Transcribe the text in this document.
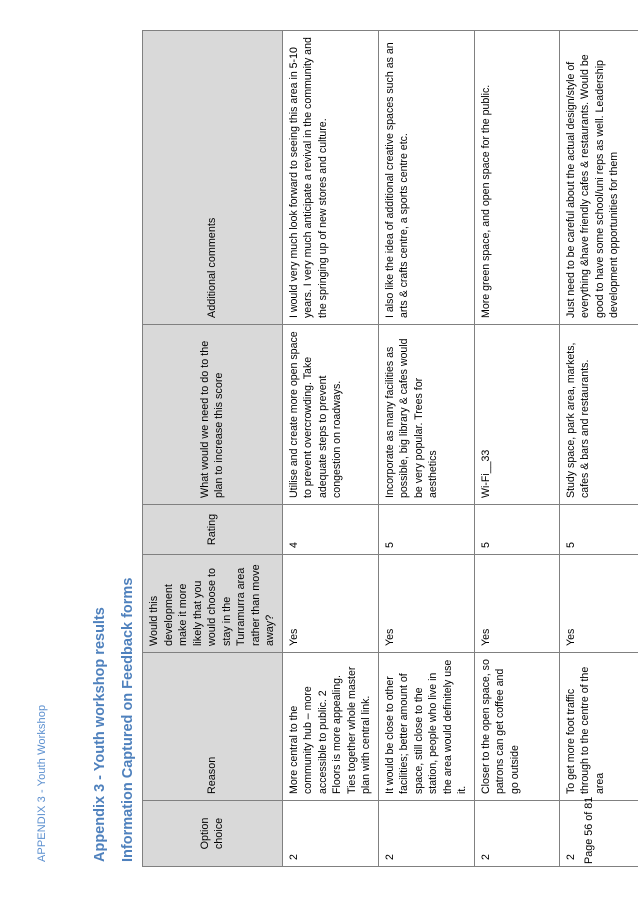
APPENDIX 3 - Youth Workshop	Appendix 3 - Youth workshop results Information Captured on Feedback forms	Option choice	Reason	Would this development make it more likely that you would choose to stay in the Turramurra area rather than move away?	Rating	What would we need to do to the plan to increase this score	Additional comments
2	More central to the community hub – more accessible to public. 2 Floors is more appealing. Ties together whole master plan with central link.	Yes	4	Utilise and create more open space to prevent overcrowding. Take adequate steps to prevent congestion on roadways.	I would very much look forward to seeing this area in 5-10 years. I very much anticipate a revival in the community and the springing up of new stores and culture.
2	It would be close to other facilities; better amount of space, still close to the station, people who live in the area would definitely use it.	Yes	5	Incorporate as many facilities as possible, big library & cafes would be very popular. Trees for aesthetics	I also like the idea of additional creative spaces such as an arts & crafts centre, a sports centre etc.
2	Closer to the open space, so patrons can get coffee and go outside	Yes	5	Wi-Fi__33	More green space, and open space for the public.
2	To get more foot traffic through to the centre of the area	Yes	5	Study space, park area, markets, cafes & bars and restaurants.	Just need to be careful about the actual design/style of everything &have friendly cafes & restaurants. Would be good to have some school/uni reps as well. Leadership development opportunities for them
Page 56 of 81
